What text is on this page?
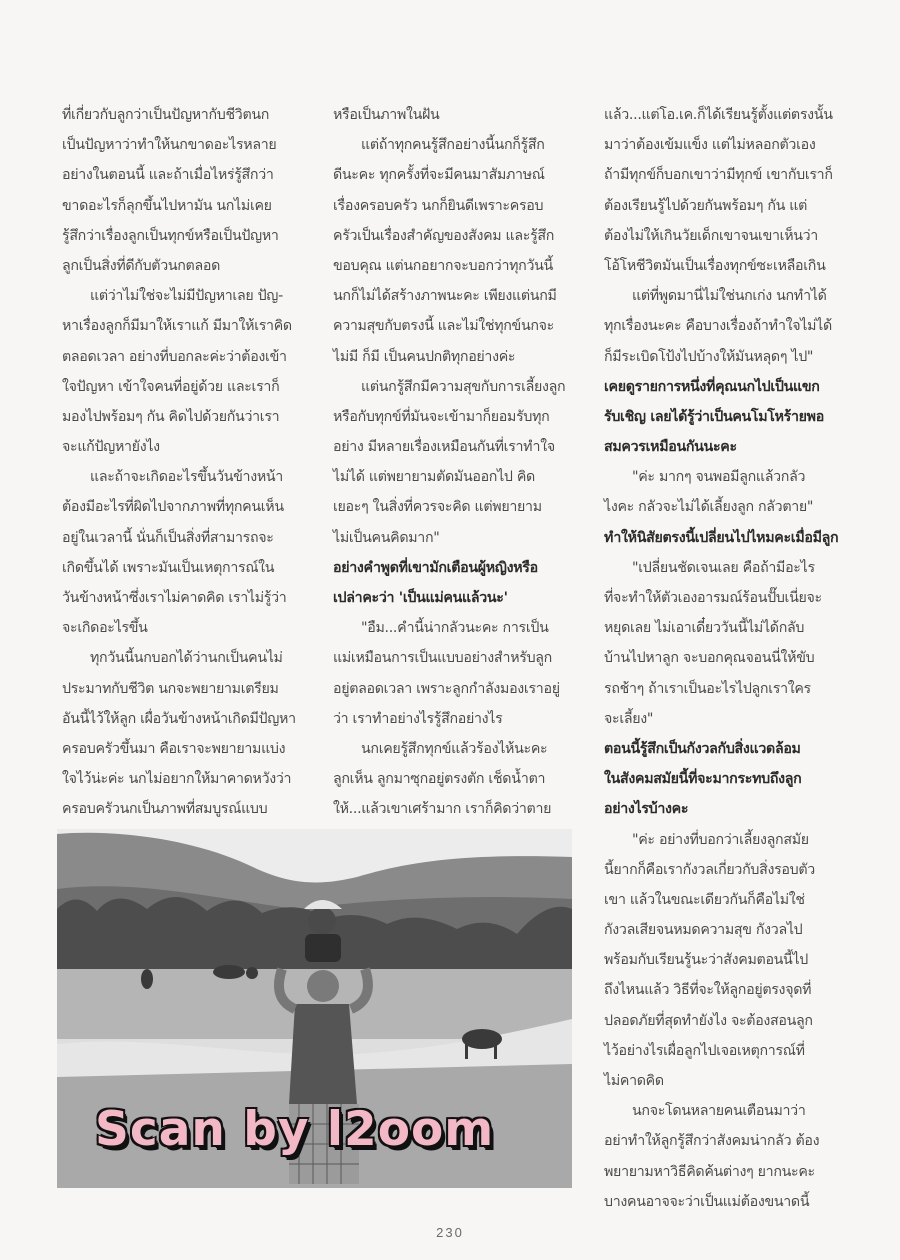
ที่เกี่ยวกับลูกว่าเป็นปัญหากับชีวิตนก
เป็นปัญหาว่าทำให้นกขาดอะไรหลาย
อย่างในตอนนี้ และถ้าเมื่อไหร่รู้สึกว่า
ขาดอะไรก็ลุกขึ้นไปหามัน นกไม่เคย
รู้สึกว่าเรื่องลูกเป็นทุกข์หรือเป็นปัญหา
ลูกเป็นสิ่งที่ดีกับตัวนกตลอด
แต่ว่าไม่ใช่จะไม่มีปัญหาเลย ปัญ-
หาเรื่องลูกก็มีมาให้เราแก้ มีมาให้เราคิด
ตลอดเวลา อย่างที่บอกละค่ะว่าต้องเข้า
ใจปัญหา เข้าใจคนที่อยู่ด้วย และเราก็
มองไปพร้อมๆ กัน คิดไปด้วยกันว่าเรา
จะแก้ปัญหายังไง
และถ้าจะเกิดอะไรขึ้นวันข้างหน้า
ต้องมีอะไรที่ผิดไปจากภาพที่ทุกคนเห็น
อยู่ในเวลานี้ นั่นก็เป็นสิ่งที่สามารถจะ
เกิดขึ้นได้ เพราะมันเป็นเหตุการณ์ใน
วันข้างหน้าซึ่งเราไม่คาดคิด เราไม่รู้ว่า
จะเกิดอะไรขึ้น
ทุกวันนี้นกบอกได้ว่านกเป็นคนไม่
ประมาทกับชีวิต นกจะพยายามเตรียม
อันนี้ไว้ให้ลูก เผื่อวันข้างหน้าเกิดมีปัญหา
ครอบครัวขึ้นมา คือเราจะพยายามแบ่ง
ใจไว้น่ะค่ะ นกไม่อยากให้มาคาดหวังว่า
ครอบครัวนกเป็นภาพที่สมบูรณ์แบบ
หรือเป็นภาพในฝัน
แต่ถ้าทุกคนรู้สึกอย่างนี้นกก็รู้สึก
ดีนะคะ ทุกครั้งที่จะมีคนมาสัมภาษณ์
เรื่องครอบครัว นกก็ยินดีเพราะครอบ
ครัวเป็นเรื่องสำคัญของสังคม และรู้สึก
ขอบคุณ แต่นกอยากจะบอกว่าทุกวันนี้
นกก็ไม่ได้สร้างภาพนะคะ เพียงแต่นกมี
ความสุขกับตรงนี้ และไม่ใช่ทุกข์นกจะ
ไม่มี ก็มี เป็นคนปกติทุกอย่างค่ะ
แต่นกรู้สึกมีความสุขกับการเลี้ยงลูก
หรือกับทุกข์ที่มันจะเข้ามาก็ยอมรับทุก
อย่าง มีหลายเรื่องเหมือนกันที่เราทำใจ
ไม่ได้ แต่พยายามตัดมันออกไป คิด
เยอะๆ ในสิ่งที่ควรจะคิด แต่พยายาม
ไม่เป็นคนคิดมาก"
อย่างคำพูดที่เขามักเตือนผู้หญิงหรือ
เปล่าคะว่า 'เป็นแม่คนแล้วนะ'
"อืม...คำนี้น่ากลัวนะคะ การเป็น
แม่เหมือนการเป็นแบบอย่างสำหรับลูก
อยู่ตลอดเวลา เพราะลูกกำลังมองเราอยู่
ว่า เราทำอย่างไรรู้สึกอย่างไร
นกเคยรู้สึกทุกข์แล้วร้องไห้นะคะ
ลูกเห็น ลูกมาซุกอยู่ตรงตัก เช็ดน้ำตา
ให้...แล้วเขาเศร้ามาก เราก็คิดว่าตาย
แล้ว...แต่โอ.เค.ก็ได้เรียนรู้ตั้งแต่ตรงนั้น
มาว่าต้องเข้มแข็ง แต่ไม่หลอกตัวเอง
ถ้ามีทุกข์ก็บอกเขาว่ามีทุกข์ เขากับเราก็
ต้องเรียนรู้ไปด้วยกันพร้อมๆ กัน แต่
ต้องไม่ให้เกินวัยเด็กเขาจนเขาเห็นว่า
โอ้โหชีวิตมันเป็นเรื่องทุกข์ซะเหลือเกิน
แต่ที่พูดมานี่ไม่ใช่นกเก่ง นกทำได้
ทุกเรื่องนะคะ คือบางเรื่องถ้าทำใจไม่ได้
ก็มีระเบิดโป้งไปบ้างให้มันหลุดๆ ไป"
เคยดูรายการหนึ่งที่คุณนกไปเป็นแขก
รับเชิญ เลยได้รู้ว่าเป็นคนโมโหร้ายพอ
สมควรเหมือนกันนะคะ
"ค่ะ มากๆ จนพอมีลูกแล้วกลัว
ไงคะ กลัวจะไม่ได้เลี้ยงลูก กลัวตาย"
ทำให้นิสัยตรงนี้เปลี่ยนไปไหมคะเมื่อมีลูก
"เปลี่ยนชัดเจนเลย คือถ้ามีอะไร
ที่จะทำให้ตัวเองอารมณ์ร้อนปั๊บเนี่ยจะ
หยุดเลย ไม่เอาเดี๋ยววันนี้ไม่ได้กลับ
บ้านไปหาลูก จะบอกคุณจอนนี่ให้ขับ
รถช้าๆ ถ้าเราเป็นอะไรไปลูกเราใคร
จะเลี้ยง"
ตอนนี้รู้สึกเป็นกังวลกับสิ่งแวดล้อม
ในสังคมสมัยนี้ที่จะมากระทบถึงลูก
อย่างไรบ้างคะ
"ค่ะ อย่างที่บอกว่าเลี้ยงลูกสมัย
นี้ยากก็คือเรากังวลเกี่ยวกับสิ่งรอบตัว
เขา แล้วในขณะเดียวกันก็คือไม่ใช่
กังวลเสียจนหมดความสุข กังวลไป
พร้อมกับเรียนรู้นะว่าสังคมตอนนี้ไป
ถึงไหนแล้ว วิธีที่จะให้ลูกอยู่ตรงจุดที่
ปลอดภัยที่สุดทำยังไง จะต้องสอนลูก
ไว้อย่างไรเผื่อลูกไปเจอเหตุการณ์ที่
ไม่คาดคิด
นกจะโดนหลายคนเตือนมาว่า
อย่าทำให้ลูกรู้สึกว่าสังคมน่ากลัว ต้อง
พยายามหาวิธีคิดค้นต่างๆ ยากนะคะ
บางคนอาจจะว่าเป็นแม่ต้องขนาดนี้
Scan by l2oom
230
